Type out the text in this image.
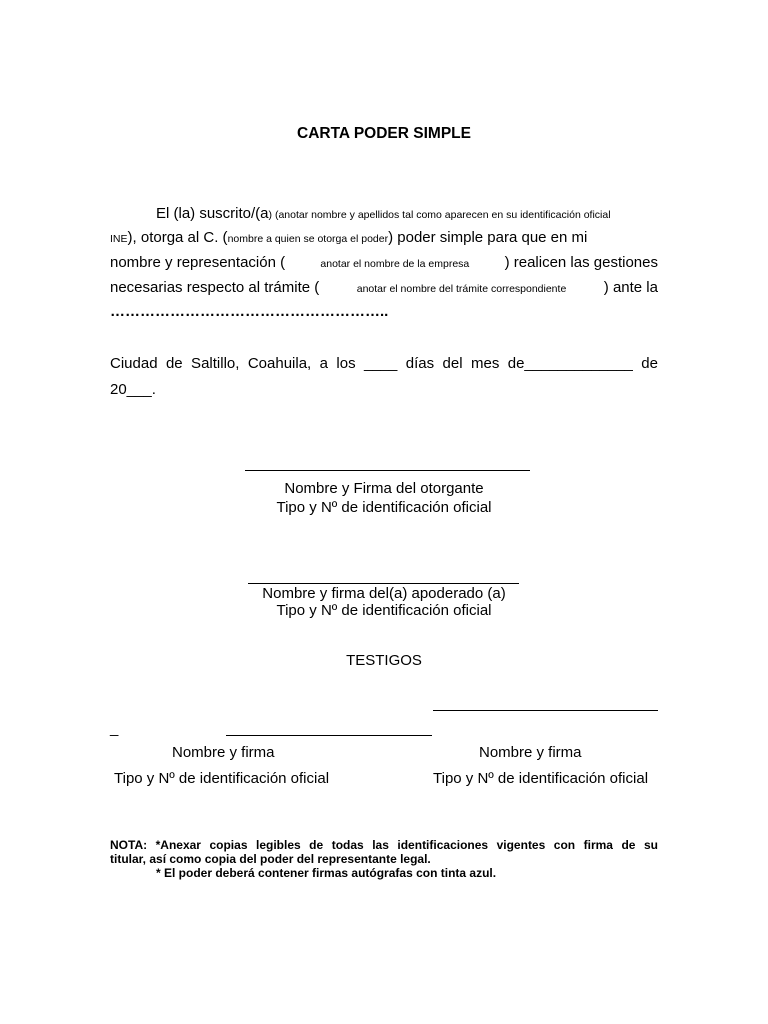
CARTA PODER SIMPLE
El (la) suscrito/(a) (anotar nombre y apellidos tal como aparecen en su identificación oficial
INE), otorga al C. (nombre a quien se otorga el poder) poder simple para que en mi
nombre y representación (	anotar el nombre de la empresa ) realicen las gestiones
necesarias respecto al trámite (	anotar el nombre del trámite correspondiente ) ante la
………………………………………………..
Ciudad de Saltillo, Coahuila, a los ____ días del mes de_____________ de
20___.
Nombre y Firma del otorgante
Tipo y Nº de identificación oficial
Nombre y firma del(a) apoderado (a)
Tipo y Nº de identificación oficial
TESTIGOS
_
Nombre y firma	Nombre y firma
Tipo y Nº de identificación oficial	Tipo y Nº de identificación oficial
NOTA: *Anexar copias legibles de todas las identificaciones vigentes con firma de su
titular, así como copia del poder del representante legal.
* El poder deberá contener firmas autógrafas con tinta azul.
